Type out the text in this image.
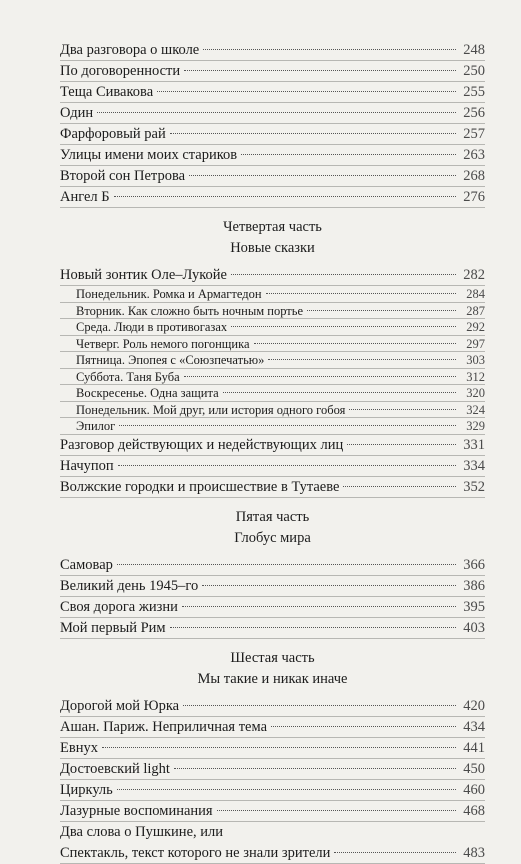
Два разговора о школе	248
По договоренности	250
Теща Сивакова	255
Один	256
Фарфоровый рай	257
Улицы имени моих стариков	263
Второй сон Петрова	268
Ангел Б	276
Четвертая часть
Новые сказки
Новый зонтик Оле–Лукойе	282
Понедельник. Ромка и Армагтедон	284
Вторник. Как сложно быть ночным портье	287
Среда. Люди в противогазах	292
Четверг. Роль немого погонщика	297
Пятница. Эпопея с «Союзпечатью»	303
Суббота. Таня Буба	312
Воскресенье. Одна защита	320
Понедельник. Мой друг, или история одного гобоя	324
Эпилог	329
Разговор действующих и недействующих лиц	331
Начупоп	334
Волжские городки и происшествие в Тутаеве	352
Пятая часть
Глобус мира
Самовар	366
Великий день 1945–го	386
Своя дорога жизни	395
Мой первый Рим	403
Шестая часть
Мы такие и никак иначе
Дорогой мой Юрка	420
Ашан. Париж. Неприличная тема	434
Евнух	441
Достоевский light	450
Циркуль	460
Лазурные воспоминания	468
Два слова о Пушкине, или
Спектакль, текст которого не знали зрители	483
